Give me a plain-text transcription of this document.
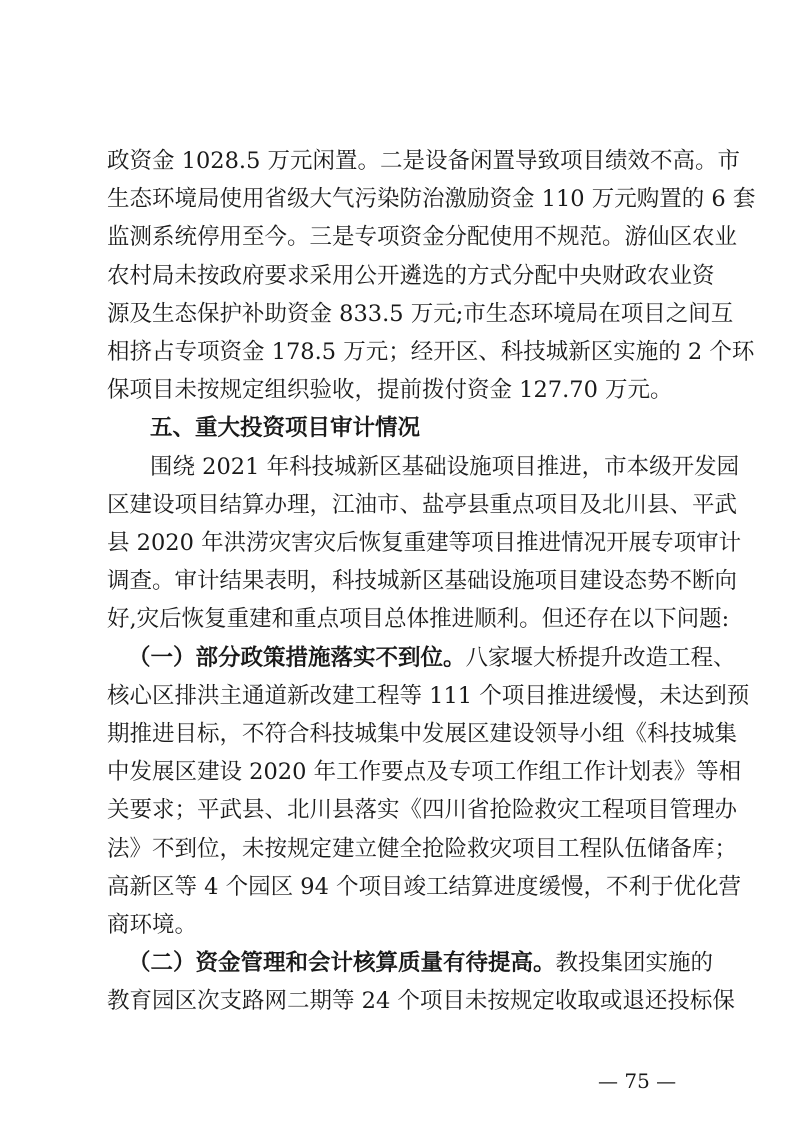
政资金 1028.5 万元闲置。二是设备闲置导致项目绩效不高。市
生态环境局使用省级大气污染防治激励资金 110 万元购置的 6 套
监测系统停用至今。三是专项资金分配使用不规范。游仙区农业
农村局未按政府要求采用公开遴选的方式分配中央财政农业资
源及生态保护补助资金 833.5 万元;市生态环境局在项目之间互
相挤占专项资金 178.5 万元；经开区、科技城新区实施的 2 个环
保项目未按规定组织验收，提前拨付资金 127.70 万元。
五、重大投资项目审计情况
围绕 2021 年科技城新区基础设施项目推进，市本级开发园
区建设项目结算办理，江油市、盐亭县重点项目及北川县、平武
县 2020 年洪涝灾害灾后恢复重建等项目推进情况开展专项审计
调查。审计结果表明，科技城新区基础设施项目建设态势不断向
好,灾后恢复重建和重点项目总体推进顺利。但还存在以下问题:
（一）部分政策措施落实不到位。八家堰大桥提升改造工程、
核心区排洪主通道新改建工程等 111 个项目推进缓慢，未达到预
期推进目标，不符合科技城集中发展区建设领导小组《科技城集
中发展区建设 2020 年工作要点及专项工作组工作计划表》等相
关要求；平武县、北川县落实《四川省抢险救灾工程项目管理办
法》不到位，未按规定建立健全抢险救灾项目工程队伍储备库；
高新区等 4 个园区 94 个项目竣工结算进度缓慢，不利于优化营
商环境。
— 75 —
（二）资金管理和会计核算质量有待提高。教投集团实施的
教育园区次支路网二期等 24 个项目未按规定收取或退还投标保
